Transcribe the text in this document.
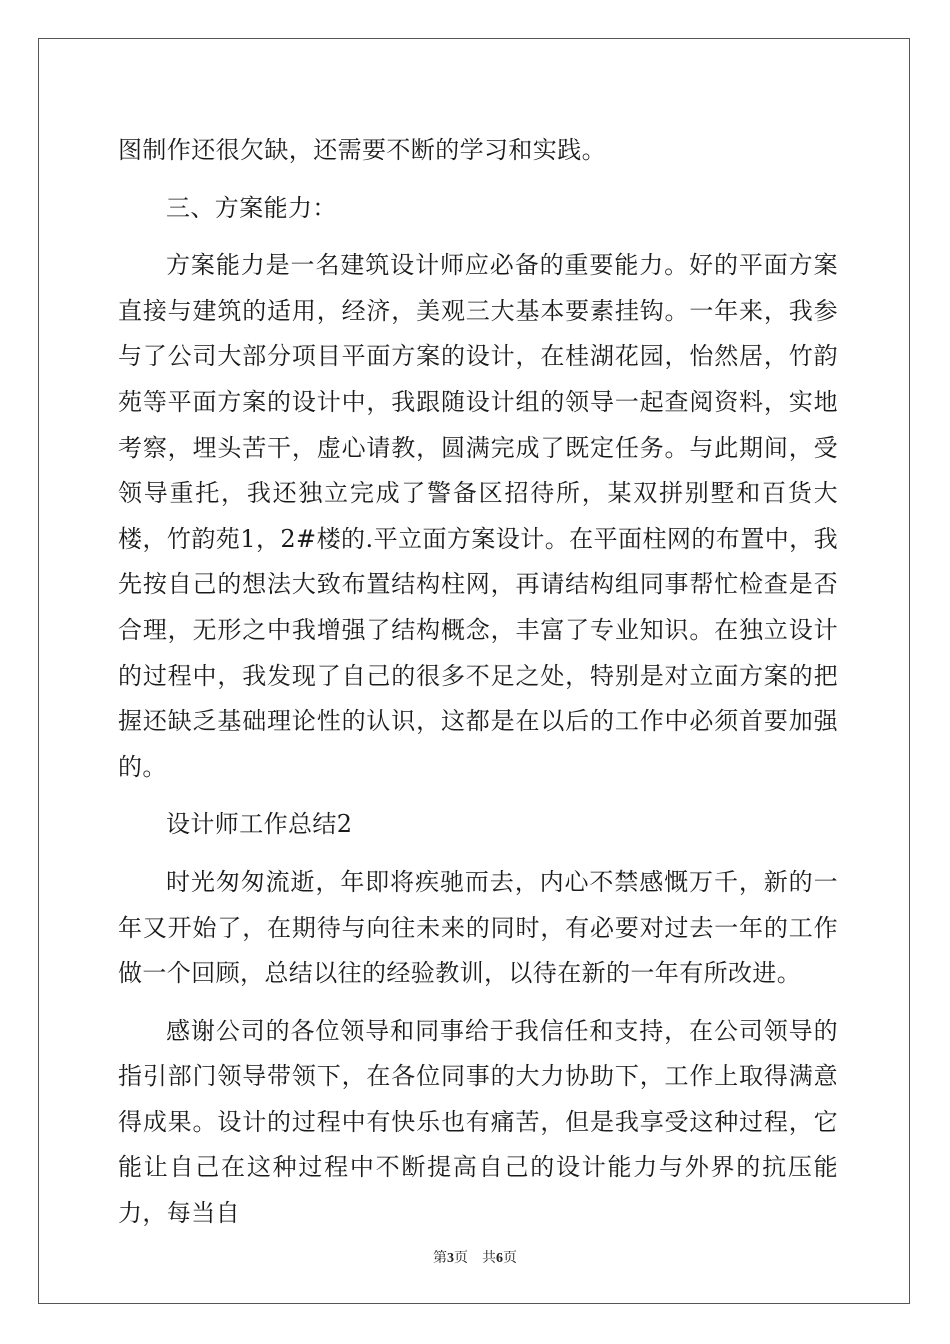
图制作还很欠缺，还需要不断的学习和实践。

三、方案能力：

方案能力是一名建筑设计师应必备的重要能力。好的平面方案直接与建筑的适用，经济，美观三大基本要素挂钩。一年来，我参与了公司大部分项目平面方案的设计，在桂湖花园，怡然居，竹韵苑等平面方案的设计中，我跟随设计组的领导一起查阅资料，实地考察，埋头苦干，虚心请教，圆满完成了既定任务。与此期间，受领导重托，我还独立完成了警备区招待所，某双拼别墅和百货大楼，竹韵苑1，2#楼的.平立面方案设计。在平面柱网的布置中，我先按自己的想法大致布置结构柱网，再请结构组同事帮忙检查是否合理，无形之中我增强了结构概念，丰富了专业知识。在独立设计的过程中，我发现了自己的很多不足之处，特别是对立面方案的把握还缺乏基础理论性的认识，这都是在以后的工作中必须首要加强的。

设计师工作总结2

时光匆匆流逝，年即将疾驰而去，内心不禁感慨万千，新的一年又开始了，在期待与向往未来的同时，有必要对过去一年的工作做一个回顾，总结以往的经验教训，以待在新的一年有所改进。

感谢公司的各位领导和同事给于我信任和支持，在公司领导的指引部门领导带领下，在各位同事的大力协助下，工作上取得满意得成果。设计的过程中有快乐也有痛苦，但是我享受这种过程，它能让自己在这种过程中不断提高自己的设计能力与外界的抗压能力，每当自

第3页 共6页
